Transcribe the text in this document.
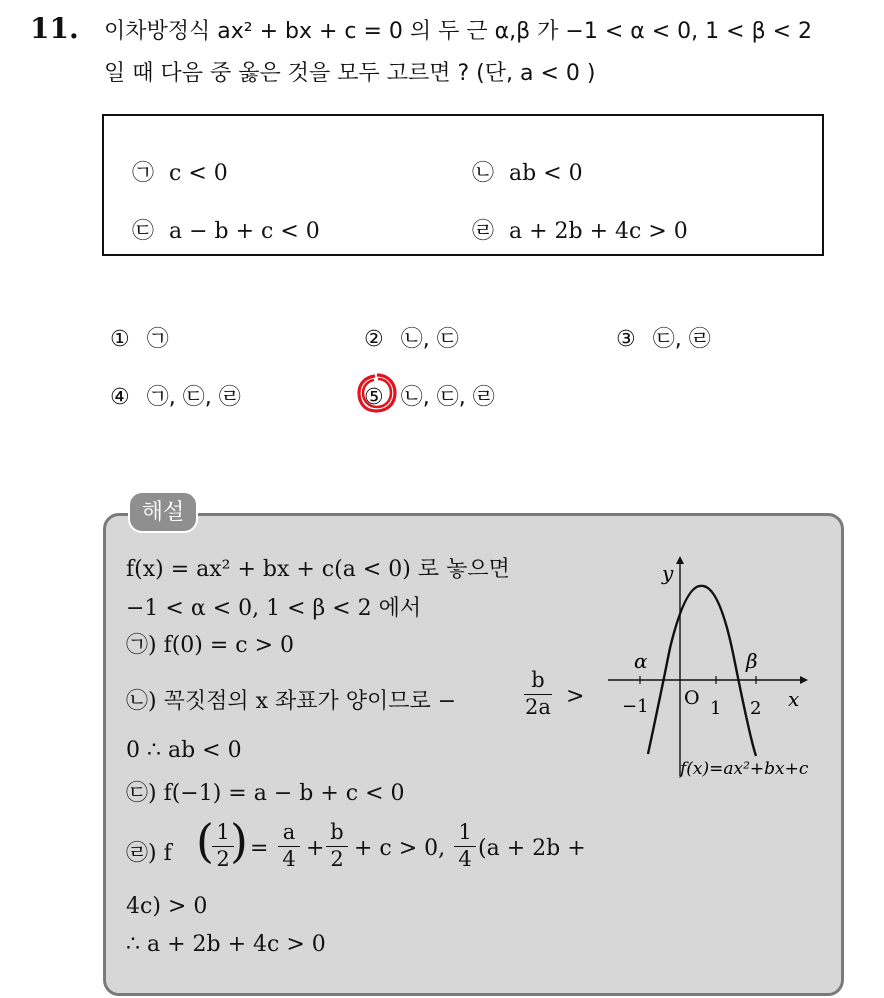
11. 이차방정식 ax² + bx + c = 0 의 두 근 α,β 가 −1 < α < 0, 1 < β < 2
일 때 다음 중 옳은 것을 모두 고르면 ? (단, a < 0 )
㉠ c < 0	㉡ ab < 0
㉢ a − b + c < 0	㉣ a + 2b + 4c > 0
① ㉠	② ㉡, ㉢	③ ㉢, ㉣
④ ㉠, ㉢, ㉣	⑤ ㉡, ㉢, ㉣
해설
f(x) = ax² + bx + c(a < 0) 로 놓으면
−1 < α < 0, 1 < β < 2 에서
㉠) f(0) = c > 0
㉡) 꼭짓점의 x 좌표가 양이므로 −	$\frac{b}{2a}$ >
0 ∴ ab < 0
㉢) f(−1) = a − b + c < 0
㉣) f (
$\frac{1}{2}$
) = $\frac{a}{4} + \frac{b}{2} + c > 0$, $\frac{1}{4} (a + 2b$ +
4c) > 0
∴ a + 2b + 4c > 0
y
x
α	β
O
−1	1 2
f(x)=ax²+bx+c
